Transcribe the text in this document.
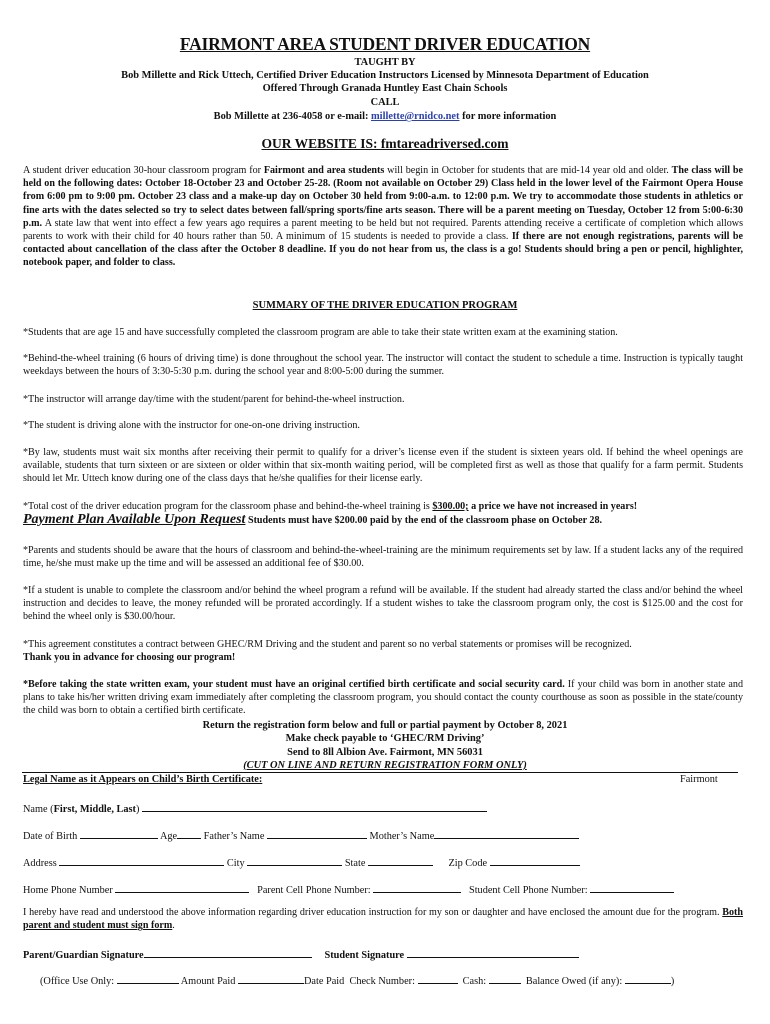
FAIRMONT AREA STUDENT DRIVER EDUCATION
TAUGHT BY
Bob Millette and Rick Uttech, Certified Driver Education Instructors Licensed by Minnesota Department of Education
Offered Through Granada Huntley East Chain Schools
CALL
Bob Millette at 236-4058 or e-mail: millette@rnidco.net for more information
OUR WEBSITE IS: fmtareadriversed.com
A student driver education 30-hour classroom program for Fairmont and area students will begin in October for students that are mid-14 year old and older. The class will be held on the following dates: October 18-October 23 and October 25-28. (Room not available on October 29) Class held in the lower level of the Fairmont Opera House from 6:00 pm to 9:00 pm. October 23 class and a make-up day on October 30 held from 9:00-a.m. to 12:00 p.m. We try to accommodate those students in athletics or fine arts with the dates selected so try to select dates between fall/spring sports/fine arts season. There will be a parent meeting on Tuesday, October 12 from 5:00-6:30 p.m. A state law that went into effect a few years ago requires a parent meeting to be held but not required. Parents attending receive a certificate of completion which allows parents to work with their child for 40 hours rather than 50. A minimum of 15 students is needed to provide a class. If there are not enough registrations, parents will be contacted about cancellation of the class after the October 8 deadline. If you do not hear from us, the class is a go! Students should bring a pen or pencil, highlighter, notebook paper, and folder to class.
SUMMARY OF THE DRIVER EDUCATION PROGRAM
*Students that are age 15 and have successfully completed the classroom program are able to take their state written exam at the examining station.
*Behind-the-wheel training (6 hours of driving time) is done throughout the school year. The instructor will contact the student to schedule a time. Instruction is typically taught weekdays between the hours of 3:30-5:30 p.m. during the school year and 8:00-5:00 during the summer.
*The instructor will arrange day/time with the student/parent for behind-the-wheel instruction.
*The student is driving alone with the instructor for one-on-one driving instruction.
*By law, students must wait six months after receiving their permit to qualify for a driver’s license even if the student is sixteen years old. If behind the wheel openings are available, students that turn sixteen or are sixteen or older within that six-month waiting period, will be completed first as well as those that qualify for a farm permit. Students should let Mr. Uttech know during one of the class days that he/she qualifies for their license early.
*Total cost of the driver education program for the classroom phase and behind-the-wheel training is $300.00; a price we have not increased in years!
Payment Plan Available Upon Request Students must have $200.00 paid by the end of the classroom phase on October 28.
*Parents and students should be aware that the hours of classroom and behind-the-wheel-training are the minimum requirements set by law. If a student lacks any of the required time, he/she must make up the time and will be assessed an additional fee of $30.00.
*If a student is unable to complete the classroom and/or behind the wheel program a refund will be available. If the student had already started the class and/or behind the wheel instruction and decides to leave, the money refunded will be prorated accordingly. If a student wishes to take the classroom program only, the cost is $125.00 and the cost for behind the wheel only is $30.00/hour.
*This agreement constitutes a contract between GHEC/RM Driving and the student and parent so no verbal statements or promises will be recognized.
Thank you in advance for choosing our program!
*Before taking the state written exam, your student must have an original certified birth certificate and social security card. If your child was born in another state and plans to take his/her written driving exam immediately after completing the classroom program, you should contact the county courthouse as soon as possible in the state/county the child was born to obtain a certified birth certificate.
Return the registration form below and full or partial payment by October 8, 2021
Make check payable to ‘GHEC/RM Driving’
Send to 8ll Albion Ave. Fairmont, MN 56031
(CUT ON LINE AND RETURN REGISTRATION FORM ONLY)
Legal Name as it Appears on Child’s Birth Certificate:	Fairmont
Name (First, Middle, Last)
Date of Birth	Age	Father’s Name	Mother’s Name
Address	City	State	Zip Code
Home Phone Number	Parent Cell Phone Number:	Student Cell Phone Number:
I hereby have read and understood the above information regarding driver education instruction for my son or daughter and have enclosed the amount due for the program. Both parent and student must sign form.
Parent/Guardian Signature	Student Signature
(Office Use Only:	Amount Paid	Date Paid Check Number:	Cash:	Balance Owed (if any):	)
